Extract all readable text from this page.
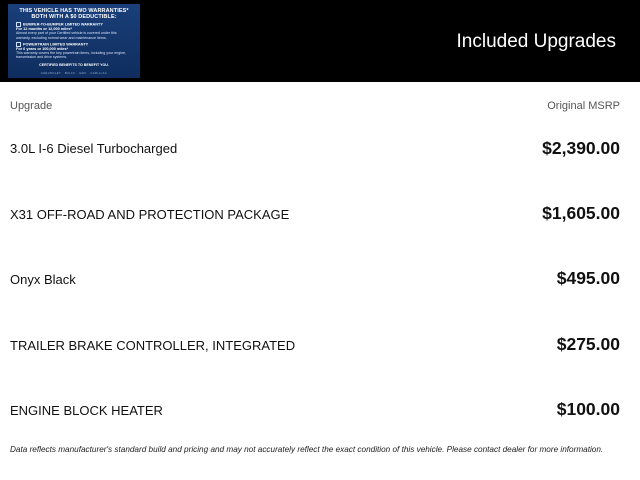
THIS VEHICLE HAS TWO WARRANTIES*
BOTH WITH A $0 DEDUCTIBLE:
BUMPER-TO-BUMPER LIMITED WARRANTY
For 12 months or 12,000 miles*
Almost every part of your Certified vehicle is covered under this warranty, excluding normal wear and maintenance items.
POWERTRAIN LIMITED WARRANTY
For 6 years or 100,000 miles*
This warranty covers the key powertrain items, including your engine, transmission and drive systems.
CERTIFIED BENEFITS TO BENEFIT YOU.
CHEVROLET · BUICK · GMC · CADILLAC
Included Upgrades
Upgrade	Original MSRP
3.0L I-6 Diesel Turbocharged	$2,390.00
X31 OFF-ROAD AND PROTECTION PACKAGE	$1,605.00
Onyx Black	$495.00
TRAILER BRAKE CONTROLLER, INTEGRATED	$275.00
ENGINE BLOCK HEATER	$100.00
Data reflects manufacturer's standard build and pricing and may not accurately reflect the exact condition of this vehicle. Please contact dealer for more information.
